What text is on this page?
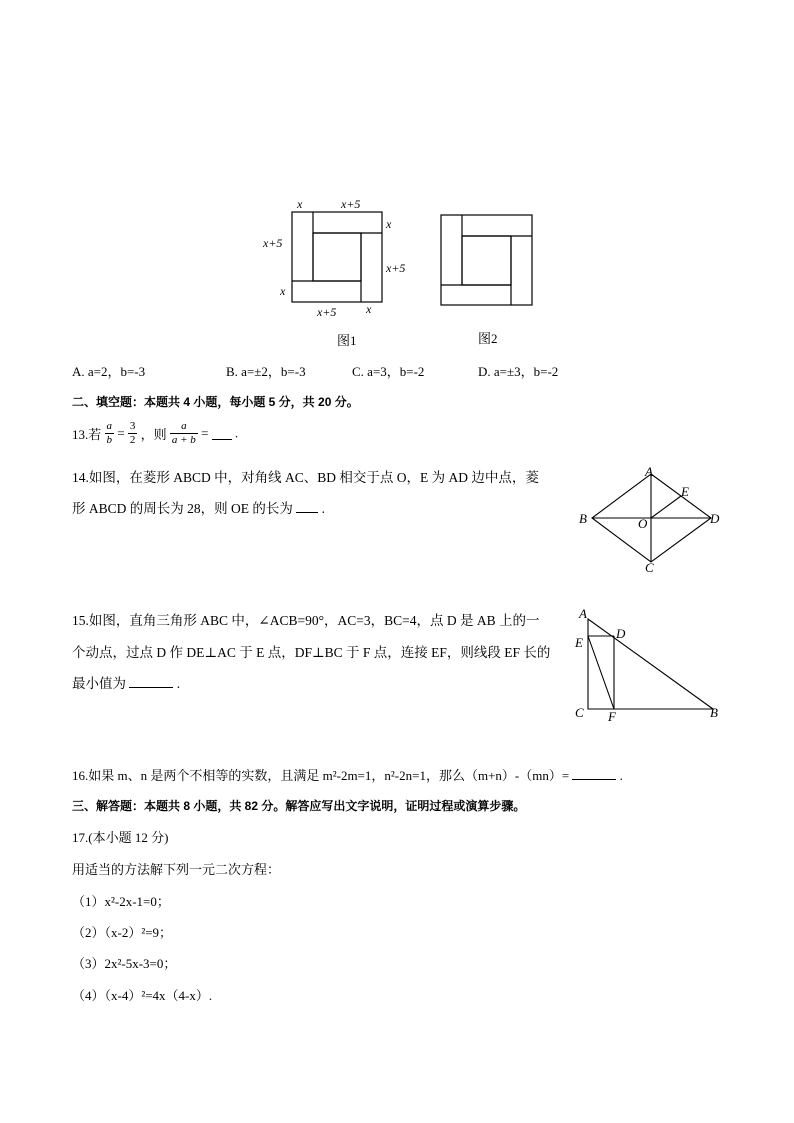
x	x+5
x
x+5
x+5
x
x+5 x
图1	图2
A. a=2，b=-3	B. a=±2，b=-3	C. a=3，b=-2	D. a=±3，b=-2
二、填空题：本题共 4 小题，每小题 5 分，共 20 分。
13.若 $\frac{a}{b} = \frac{3}{2}$ ，则 $\frac{a}{a + b}$ = .
14.如图，在菱形 ABCD 中，对角线 AC、BD 相交于点 O，E 为 AD 边中点，菱
形 ABCD 的周长为 28，则 OE 的长为 .
A
E
B	D
O
C
15.如图，直角三角形 ABC 中，∠ACB=90°，AC=3，BC=4，点 D 是 AB 上的一
个动点，过点 D 作 DE⊥AC 于 E 点，DF⊥BC 于 F 点，连接 EF，则线段 EF 长的
最小值为	.
A
D
E
C F	B
16.如果 m、n 是两个不相等的实数，且满足 m²-2m=1，n²-2n=1，那么（m+n）-（mn）=	.
三、解答题：本题共 8 小题，共 82 分。解答应写出文字说明，证明过程或演算步骤。
17.(本小题 12 分)
用适当的方法解下列一元二次方程：
（1）x²-2x-1=0；
（2）（x-2）²=9；
（3）2x²-5x-3=0；
（4）（x-4）²=4x（4-x）.
